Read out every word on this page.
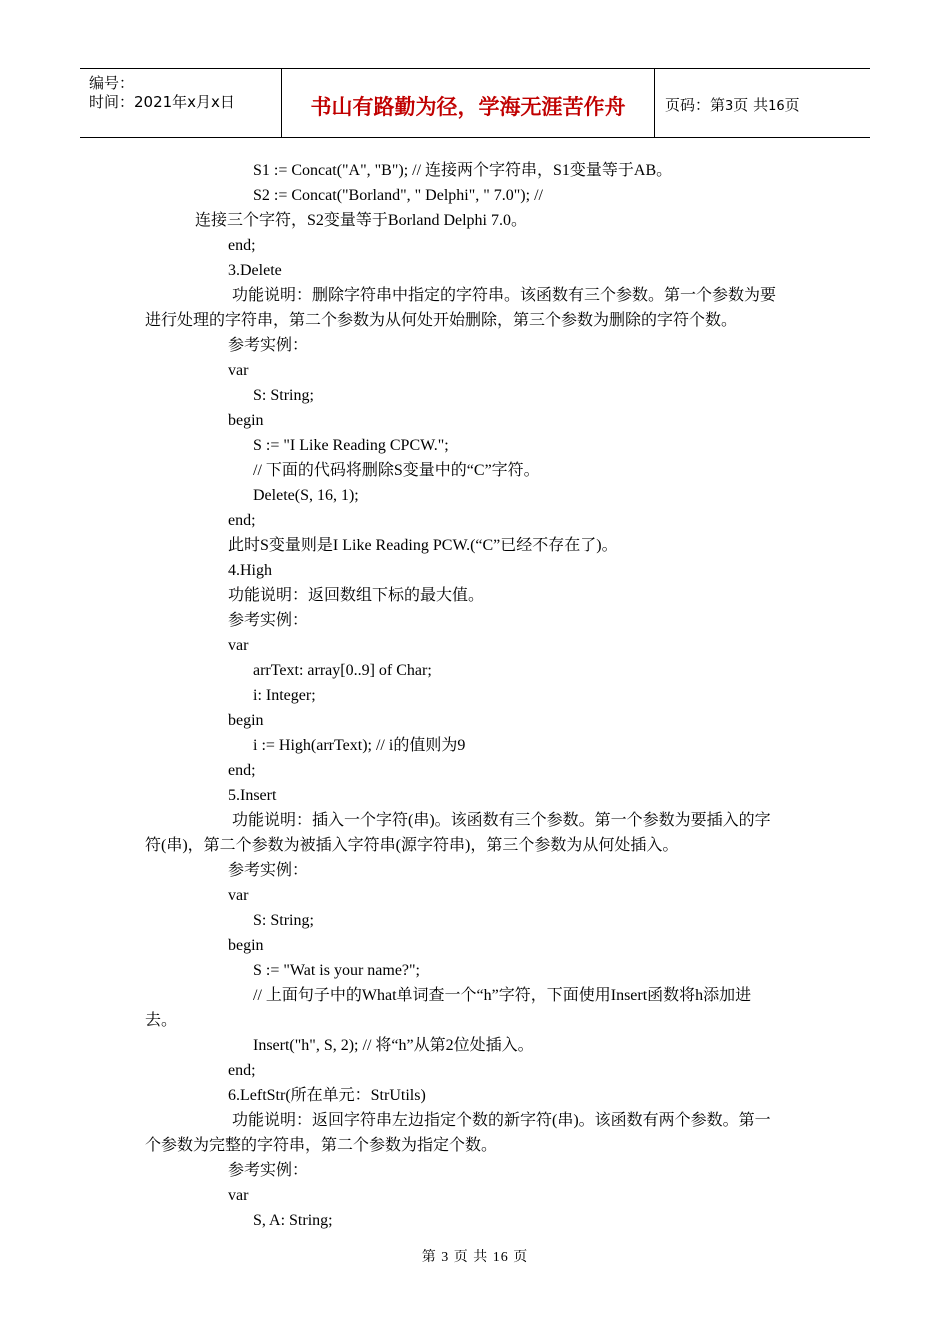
编号：
时间：2021年x月x日	书山有路勤为径，学海无涯苦作舟	页码：第3页 共16页
S1 := Concat("A", "B"); // 连接两个字符串，S1变量等于AB。
S2 := Concat("Borland", " Delphi", " 7.0"); //
连接三个字符，S2变量等于Borland Delphi 7.0。
end;
3.Delete
功能说明：删除字符串中指定的字符串。该函数有三个参数。第一个参数为要
进行处理的字符串，第二个参数为从何处开始删除，第三个参数为删除的字符个数。
参考实例：
var
S: String;
begin
S := "I Like Reading CPCW.";
// 下面的代码将删除S变量中的“C”字符。
Delete(S, 16, 1);
end;
此时S变量则是I Like Reading PCW.(“C”已经不存在了)。
4.High
功能说明：返回数组下标的最大值。
参考实例：
var
arrText: array[0..9] of Char;
i: Integer;
begin
i := High(arrText); // i的值则为9
end;
5.Insert
功能说明：插入一个字符(串)。该函数有三个参数。第一个参数为要插入的字
符(串)，第二个参数为被插入字符串(源字符串)，第三个参数为从何处插入。
参考实例：
var
S: String;
begin
S := "Wat is your name?";
// 上面句子中的What单词查一个“h”字符，下面使用Insert函数将h添加进
去。
Insert("h", S, 2); // 将“h”从第2位处插入。
end;
6.LeftStr(所在单元：StrUtils)
功能说明：返回字符串左边指定个数的新字符(串)。该函数有两个参数。第一
个参数为完整的字符串，第二个参数为指定个数。
参考实例：
var
S, A: String;
第 3 页 共 16 页
